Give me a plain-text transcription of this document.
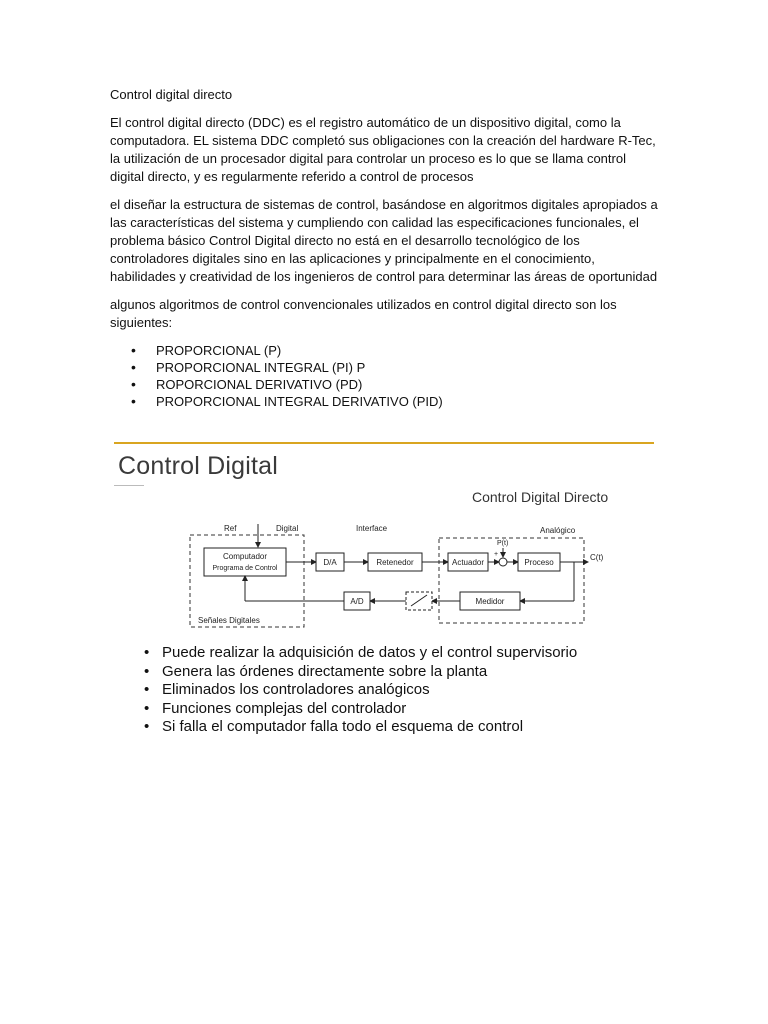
Control digital directo

El control digital directo (DDC) es el registro automático de un dispositivo digital, como la computadora. EL sistema DDC completó sus obligaciones con la creación del hardware R-Tec, la utilización de un procesador digital para controlar un proceso es lo que se llama control digital directo, y es regularmente referido a control de procesos

el diseñar la estructura de sistemas de control, basándose en algoritmos digitales apropiados a las características del sistema y cumpliendo con calidad las especificaciones funcionales, el problema básico Control Digital directo no está en el desarrollo tecnológico de los controladores digitales sino en las aplicaciones y principalmente en el conocimiento, habilidades y creatividad de los ingenieros de control para determinar las áreas de oportunidad

algunos algoritmos de control convencionales utilizados en control digital directo son los siguientes:

• PROPORCIONAL (P)
• PROPORCIONAL INTEGRAL (PI) P
• ROPORCIONAL DERIVATIVO (PD)
• PROPORCIONAL INTEGRAL DERIVATIVO (PID)
Control Digital
Control Digital Directo
Ref	Digital	Interface	Analógico
Computador
Programa de Control
D/A	Retenedor	Actuador
+
P(t)
Proceso
C(t)
Medidor
A/D
Señales Digitales
• Puede realizar la adquisición de datos y el control supervisorio
• Genera las órdenes directamente sobre la planta
• Eliminados los controladores analógicos
• Funciones complejas del controlador
• Si falla el computador falla todo el esquema de control
